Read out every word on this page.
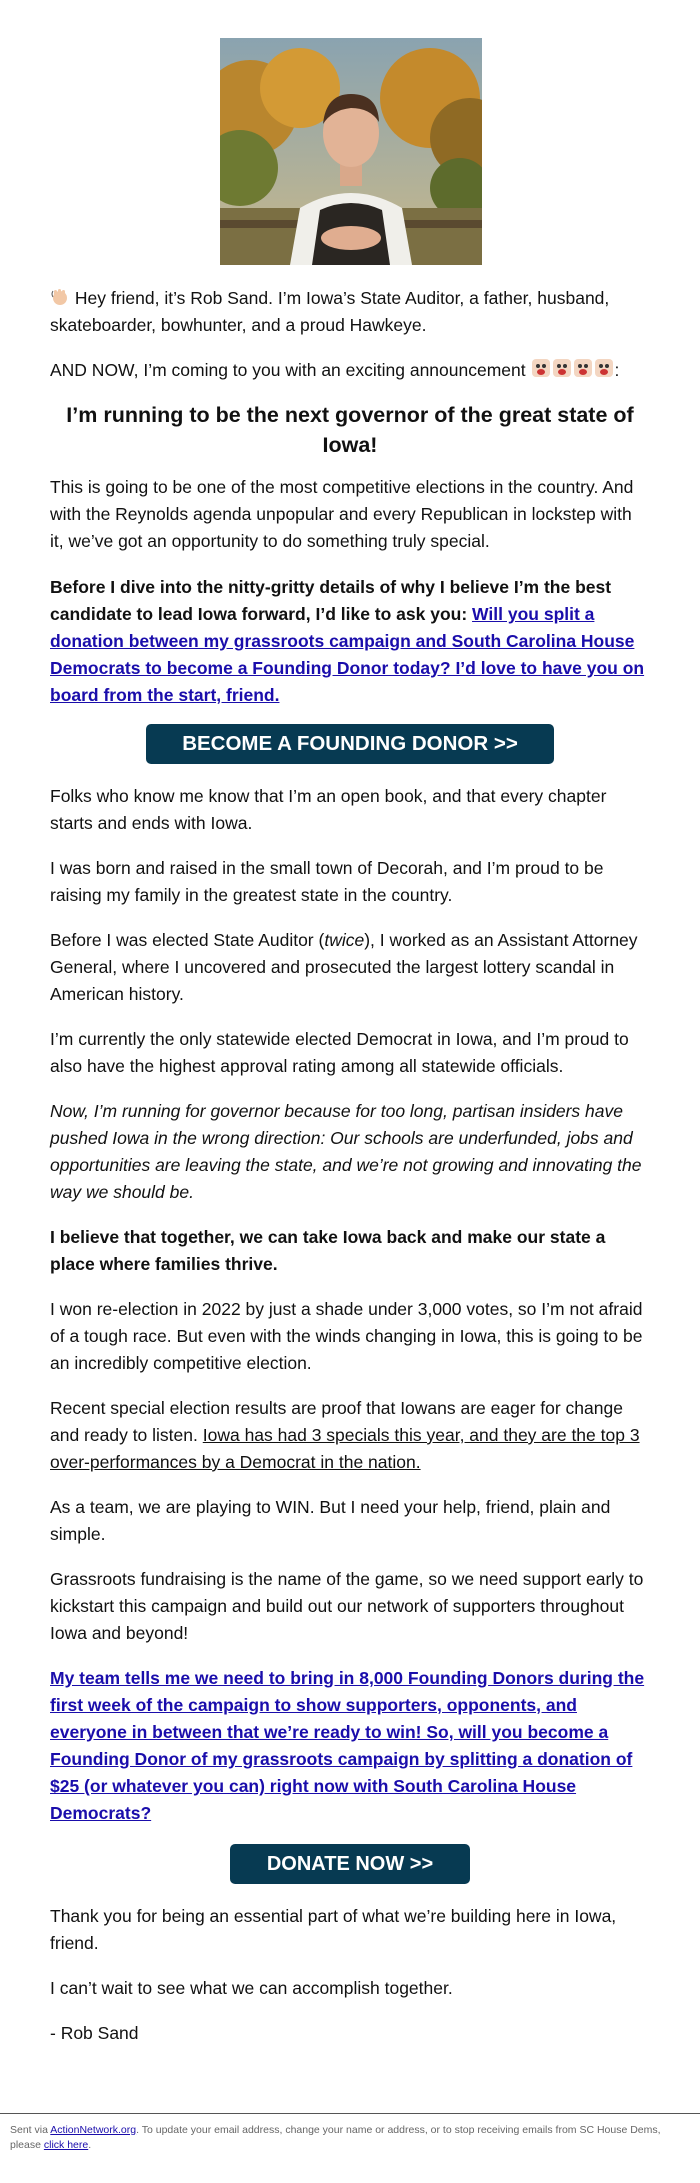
Hey friend, it’s Rob Sand. I’m Iowa’s State Auditor, a father, husband, skateboarder, bowhunter, and a proud Hawkeye.

AND NOW, I’m coming to you with an exciting announcement	:

I’m running to be the next governor of the great state of Iowa!

This is going to be one of the most competitive elections in the country. And with the Reynolds agenda unpopular and every Republican in lockstep with it, we’ve got an opportunity to do something truly special.

Before I dive into the nitty-gritty details of why I believe I’m the best candidate to lead Iowa forward, I’d like to ask you: Will you split a donation between my grassroots campaign and South Carolina House Democrats to become a Founding Donor today? I’d love to have you on board from the start, friend.

BECOME A FOUNDING DONOR >>

Folks who know me know that I’m an open book, and that every chapter starts and ends with Iowa.

I was born and raised in the small town of Decorah, and I’m proud to be raising my family in the greatest state in the country.

Before I was elected State Auditor (twice), I worked as an Assistant Attorney General, where I uncovered and prosecuted the largest lottery scandal in American history.

I’m currently the only statewide elected Democrat in Iowa, and I’m proud to also have the highest approval rating among all statewide officials.

Now, I’m running for governor because for too long, partisan insiders have pushed Iowa in the wrong direction: Our schools are underfunded, jobs and opportunities are leaving the state, and we’re not growing and innovating the way we should be.

I believe that together, we can take Iowa back and make our state a place where families thrive.

I won re-election in 2022 by just a shade under 3,000 votes, so I’m not afraid of a tough race. But even with the winds changing in Iowa, this is going to be an incredibly competitive election.

Recent special election results are proof that Iowans are eager for change and ready to listen. Iowa has had 3 specials this year, and they are the top 3 over-performances by a Democrat in the nation.

As a team, we are playing to WIN. But I need your help, friend, plain and simple.

Grassroots fundraising is the name of the game, so we need support early to kickstart this campaign and build out our network of supporters throughout Iowa and beyond!

My team tells me we need to bring in 8,000 Founding Donors during the first week of the campaign to show supporters, opponents, and everyone in between that we’re ready to win! So, will you become a Founding Donor of my grassroots campaign by splitting a donation of $25 (or whatever you can) right now with South Carolina House Democrats?

DONATE NOW >>

Thank you for being an essential part of what we’re building here in Iowa, friend.

I can’t wait to see what we can accomplish together.

- Rob Sand

Sent via ActionNetwork.org. To update your email address, change your name or address, or to stop receiving emails from SC House Dems, please click here.
